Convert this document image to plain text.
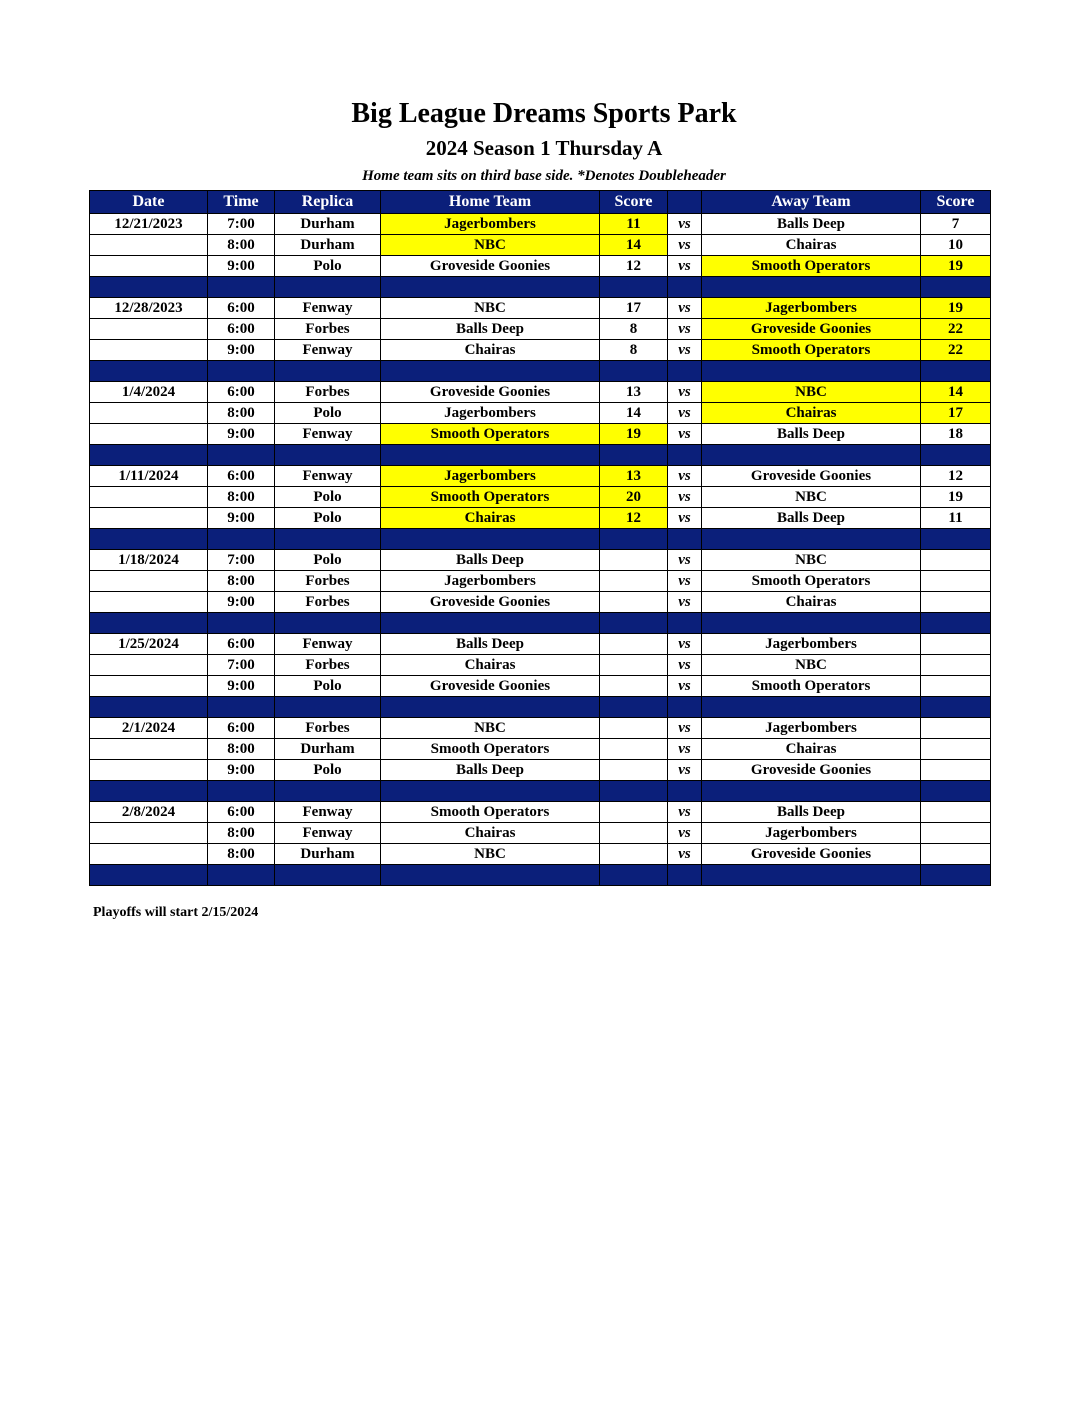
Big League Dreams Sports Park
2024 Season 1 Thursday A
Home team sits on third base side. *Denotes Doubleheader
Date	Time	Replica	Home Team	Score		Away Team	Score
12/21/2023	7:00	Durham	Jagerbombers	11	vs	Balls Deep	7
	8:00	Durham	NBC	14	vs	Chairas	10
	9:00	Polo	Groveside Goonies	12	vs	Smooth Operators	19

12/28/2023	6:00	Fenway	NBC	17	vs	Jagerbombers	19
	6:00	Forbes	Balls Deep	8	vs	Groveside Goonies	22
	9:00	Fenway	Chairas	8	vs	Smooth Operators	22

1/4/2024	6:00	Forbes	Groveside Goonies	13	vs	NBC	14
	8:00	Polo	Jagerbombers	14	vs	Chairas	17
	9:00	Fenway	Smooth Operators	19	vs	Balls Deep	18

1/11/2024	6:00	Fenway	Jagerbombers	13	vs	Groveside Goonies	12
	8:00	Polo	Smooth Operators	20	vs	NBC	19
	9:00	Polo	Chairas	12	vs	Balls Deep	11

1/18/2024	7:00	Polo	Balls Deep		vs	NBC	
	8:00	Forbes	Jagerbombers		vs	Smooth Operators	
	9:00	Forbes	Groveside Goonies		vs	Chairas	

1/25/2024	6:00	Fenway	Balls Deep		vs	Jagerbombers	
	7:00	Forbes	Chairas		vs	NBC	
	9:00	Polo	Groveside Goonies		vs	Smooth Operators	

2/1/2024	6:00	Forbes	NBC		vs	Jagerbombers	
	8:00	Durham	Smooth Operators		vs	Chairas	
	9:00	Polo	Balls Deep		vs	Groveside Goonies	

2/8/2024	6:00	Fenway	Smooth Operators		vs	Balls Deep	
	8:00	Fenway	Chairas		vs	Jagerbombers	
	8:00	Durham	NBC		vs	Groveside Goonies	

Playoffs will start 2/15/2024
